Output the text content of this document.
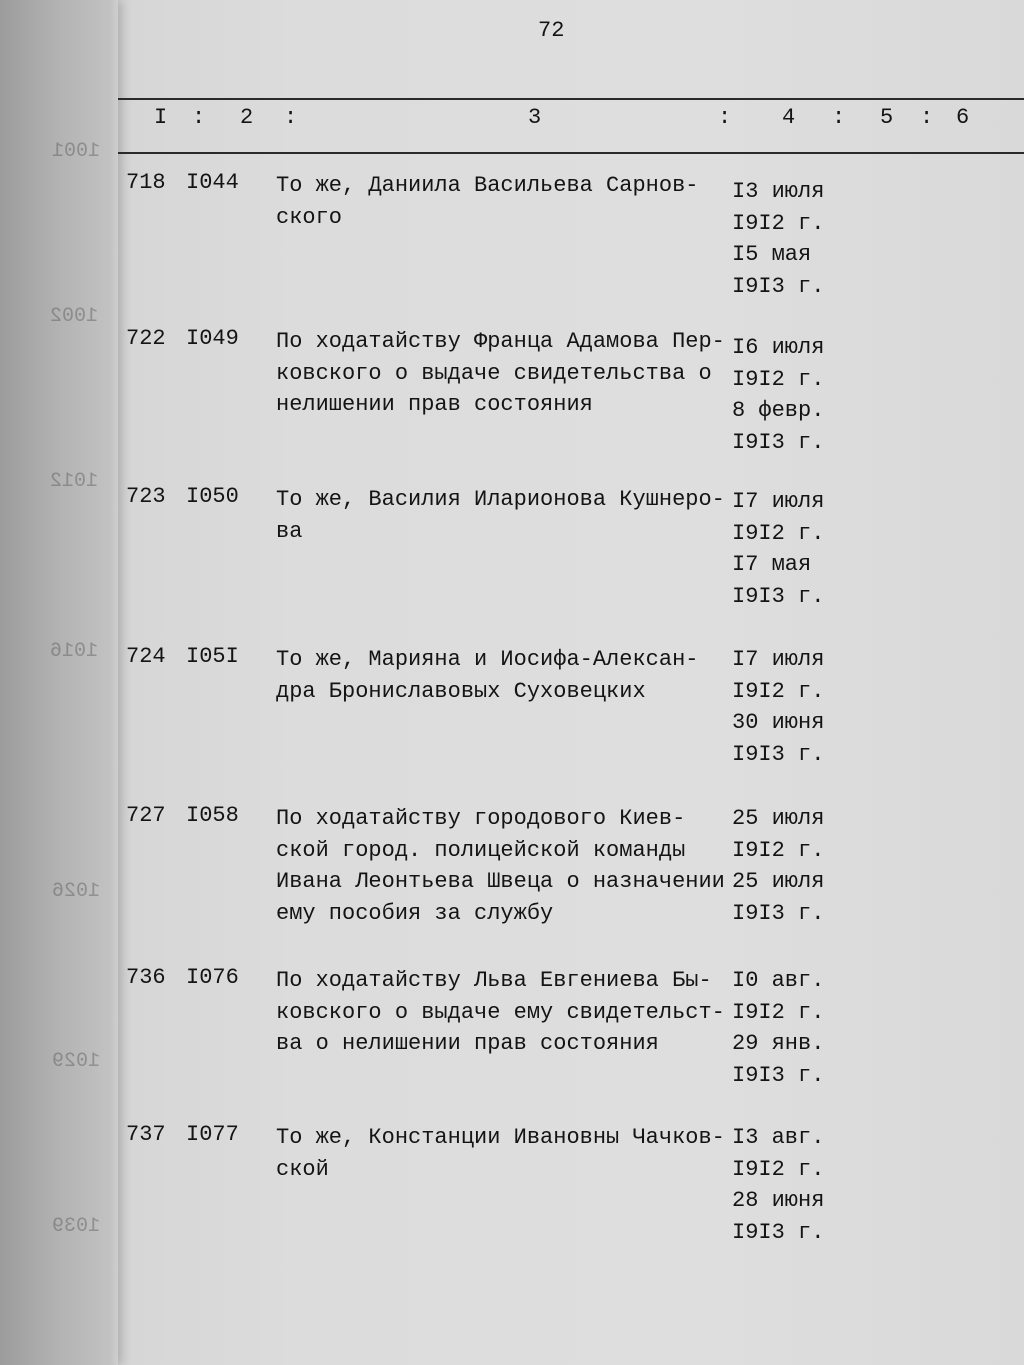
1001
1002
1012
1016
1026
1029
1039
72
I : 2 :	3	: 4 : 5 : 6
718 I044 То же, Даниила Васильева Сарнов-
ского
I3 июля
I9I2 г.
I5 мая
I9I3 г.
722 I049 По ходатайству Франца Адамова Пер-
ковского о выдаче свидетельства о
нелишении прав состояния
I6 июля
I9I2 г.
8 февр.
I9I3 г.
723 I050 То же, Василия Иларионова Кушнеро-
ва
I7 июля
I9I2 г.
I7 мая
I9I3 г.
724 I05I То же, Марияна и Иосифа-Алексан-
дра Брониславовых Суховецких
I7 июля
I9I2 г.
30 июня
I9I3 г.
727 I058 По ходатайству городового Киев-
ской город. полицейской команды
Ивана Леонтьева Швеца о назначении
ему пособия за службу
25 июля
I9I2 г.
25 июля
I9I3 г.
736 I076 По ходатайству Льва Евгениева Бы-
ковского о выдаче ему свидетельст-
ва о нелишении прав состояния
I0 авг.
I9I2 г.
29 янв.
I9I3 г.
737 I077 То же, Констанции Ивановны Чачков-
ской
I3 авг.
I9I2 г.
28 июня
I9I3 г.
